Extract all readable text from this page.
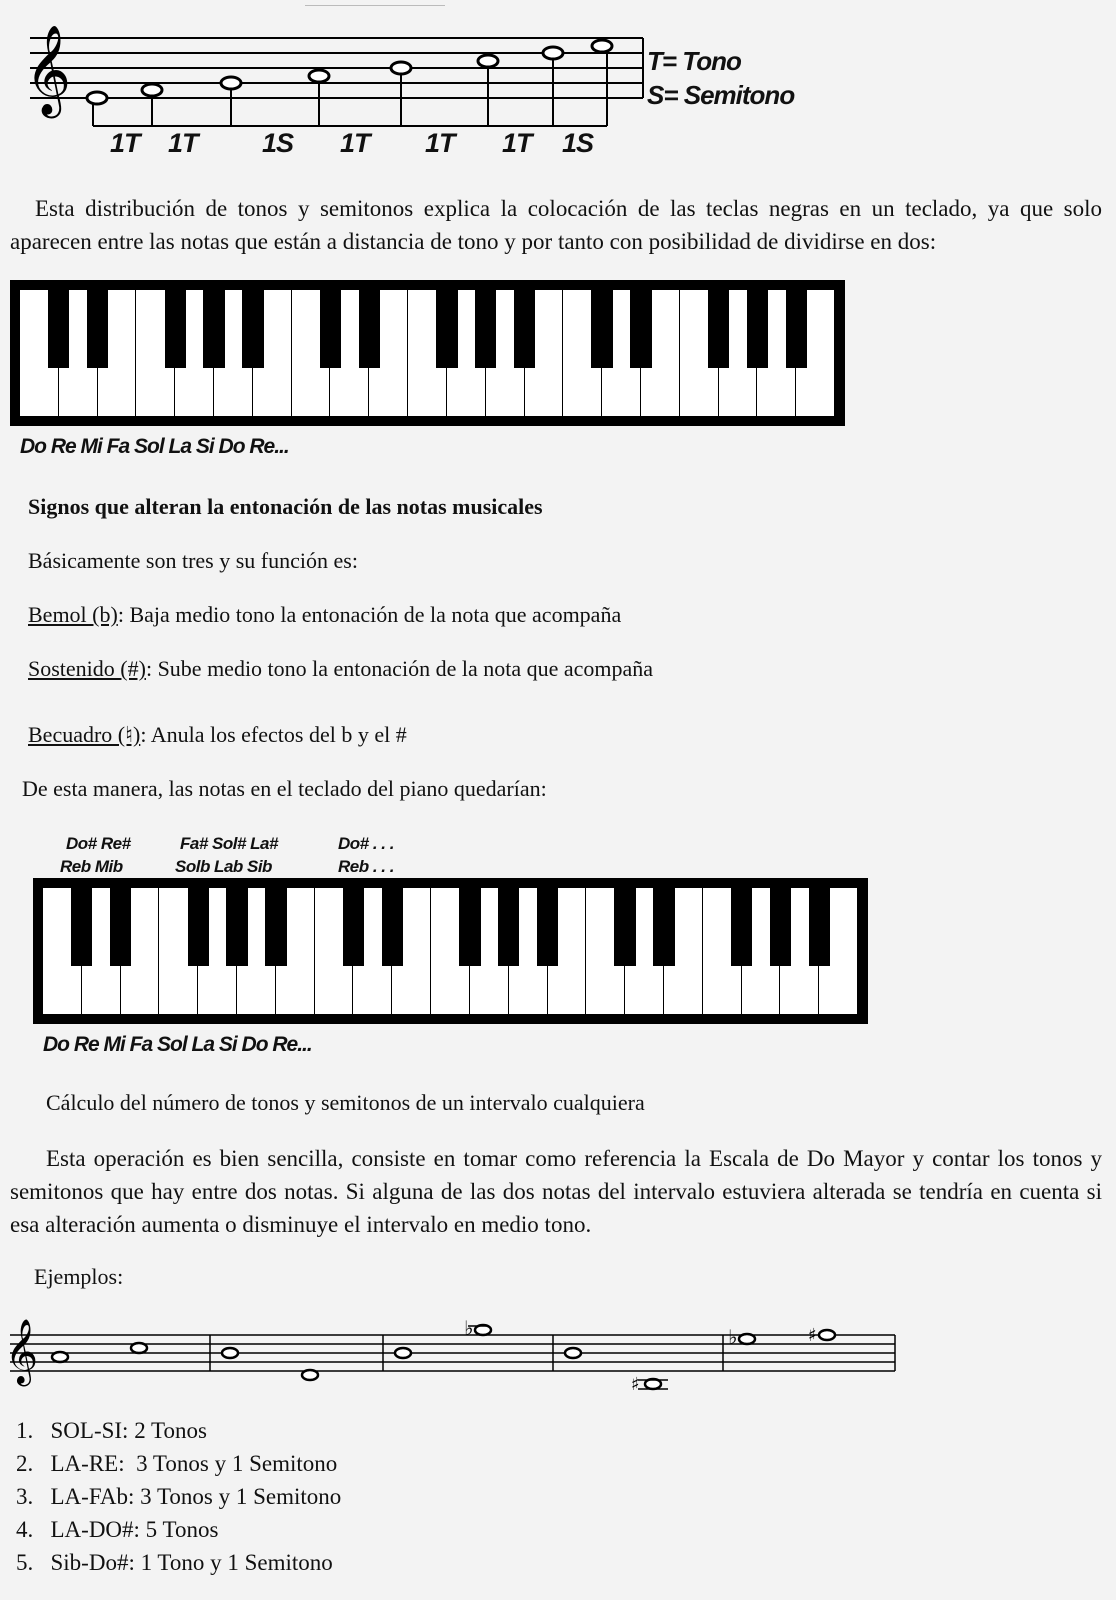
𝄞
1T 1T 1S 1T 1T 1T 1S
T= Tono
S= Semitono

Esta distribución de tonos y semitonos explica la colocación de las teclas negras en un teclado, ya que solo aparecen entre las notas que están a distancia de tono y por tanto con posibilidad de dividirse en dos:

Do Re Mi Fa Sol La Si Do Re...
Signos que alteran la entonación de las notas musicales
Básicamente son tres y su función es:
Bemol (b): Baja medio tono la entonación de la nota que acompaña
Sostenido (#): Sube medio tono la entonación de la nota que acompaña
Becuadro (♮): Anula los efectos del b y el #
De esta manera, las notas en el teclado del piano quedarían:
Do# Re#
Reb Mib
Fa# Sol# La#
Solb Lab Sib
Do# . . .
Reb . . .
Do Re Mi Fa Sol La Si Do Re...
Cálculo del número de tonos y semitonos de un intervalo cualquiera

Esta operación es bien sencilla, consiste en tomar como referencia la Escala de Do Mayor y contar los tonos y semitonos que hay entre dos notas. Si alguna de las dos notas del intervalo estuviera alterada se tendría en cuenta si esa alteración aumenta o disminuye el intervalo en medio tono.

Ejemplos:
𝄞	♭
♯
♭	♯
1.   SOL-SI: 2 Tonos
2.   LA-RE:  3 Tonos y 1 Semitono
3.   LA-FAb: 3 Tonos y 1 Semitono
4.   LA-DO#: 5 Tonos
5.   Sib-Do#: 1 Tono y 1 Semitono
